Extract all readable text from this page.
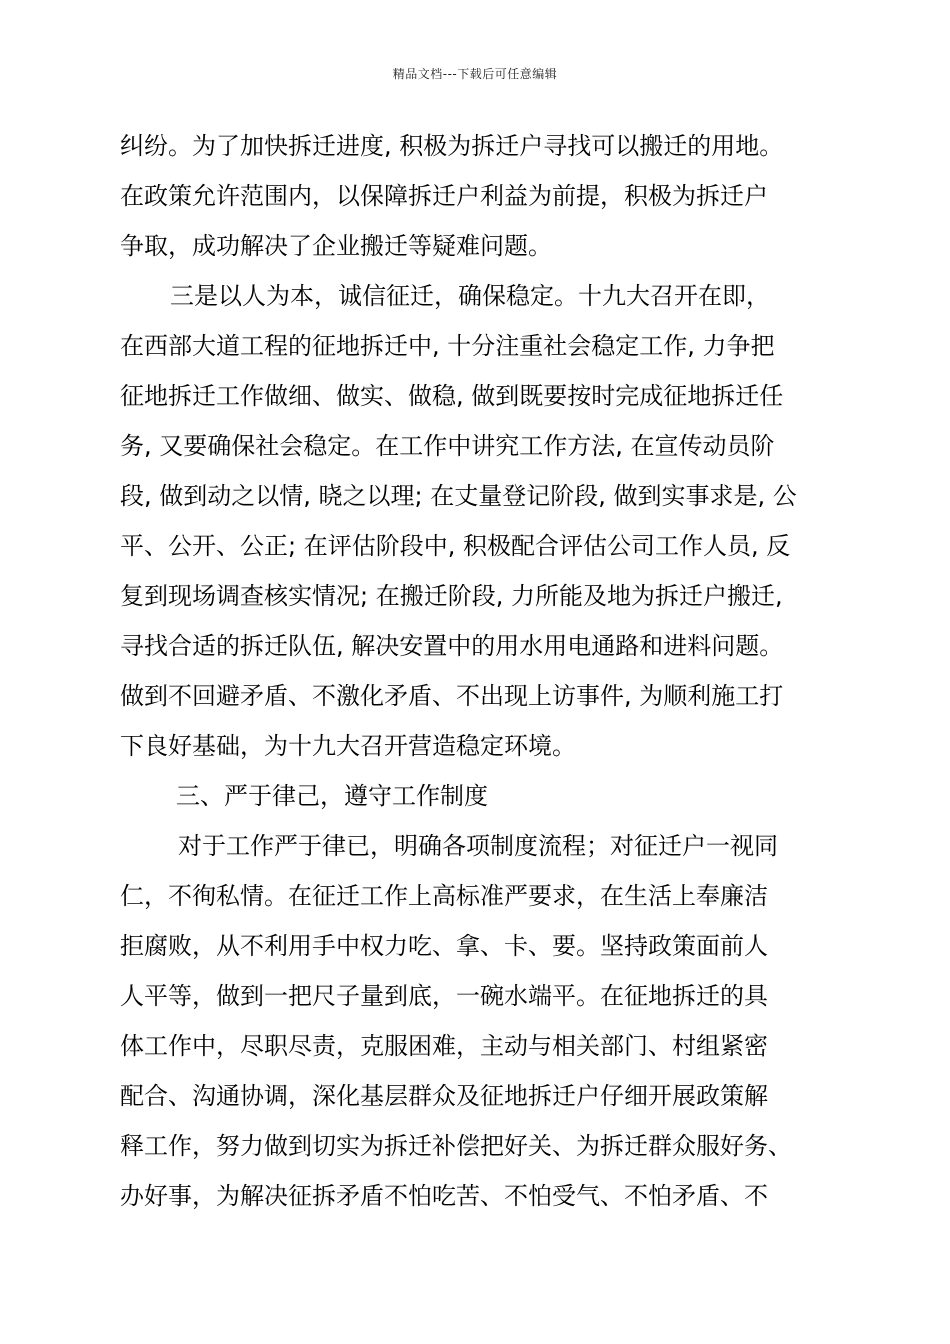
精品文档---下载后可任意编辑
纠纷。为了加快拆迁进度, 积极为拆迁户寻找可以搬迁的用地。
在政策允许范围内，以保障拆迁户利益为前提，积极为拆迁户
争取，成功解决了企业搬迁等疑难问题。
三是以人为本，诚信征迁，确保稳定。十九大召开在即，
在西部大道工程的征地拆迁中, 十分注重社会稳定工作, 力争把
征地拆迁工作做细、做实、做稳, 做到既要按时完成征地拆迁任
务, 又要确保社会稳定。在工作中讲究工作方法, 在宣传动员阶
段, 做到动之以情, 晓之以理; 在丈量登记阶段, 做到实事求是, 公
平、公开、公正; 在评估阶段中, 积极配合评估公司工作人员, 反
复到现场调查核实情况; 在搬迁阶段, 力所能及地为拆迁户搬迁,
寻找合适的拆迁队伍, 解决安置中的用水用电通路和进料问题。
做到不回避矛盾、不激化矛盾、不出现上访事件, 为顺利施工打
下良好基础，为十九大召开营造稳定环境。
三、严于律己，遵守工作制度
对于工作严于律已，明确各项制度流程；对征迁户一视同
仁，不徇私情。在征迁工作上高标准严要求，在生活上奉廉洁
拒腐败，从不利用手中权力吃、拿、卡、要。坚持政策面前人
人平等，做到一把尺子量到底，一碗水端平。在征地拆迁的具
体工作中，尽职尽责，克服困难，主动与相关部门、村组紧密
配合、沟通协调，深化基层群众及征地拆迁户仔细开展政策解
释工作，努力做到切实为拆迁补偿把好关、为拆迁群众服好务、
办好事，为解决征拆矛盾不怕吃苦、不怕受气、不怕矛盾、不
